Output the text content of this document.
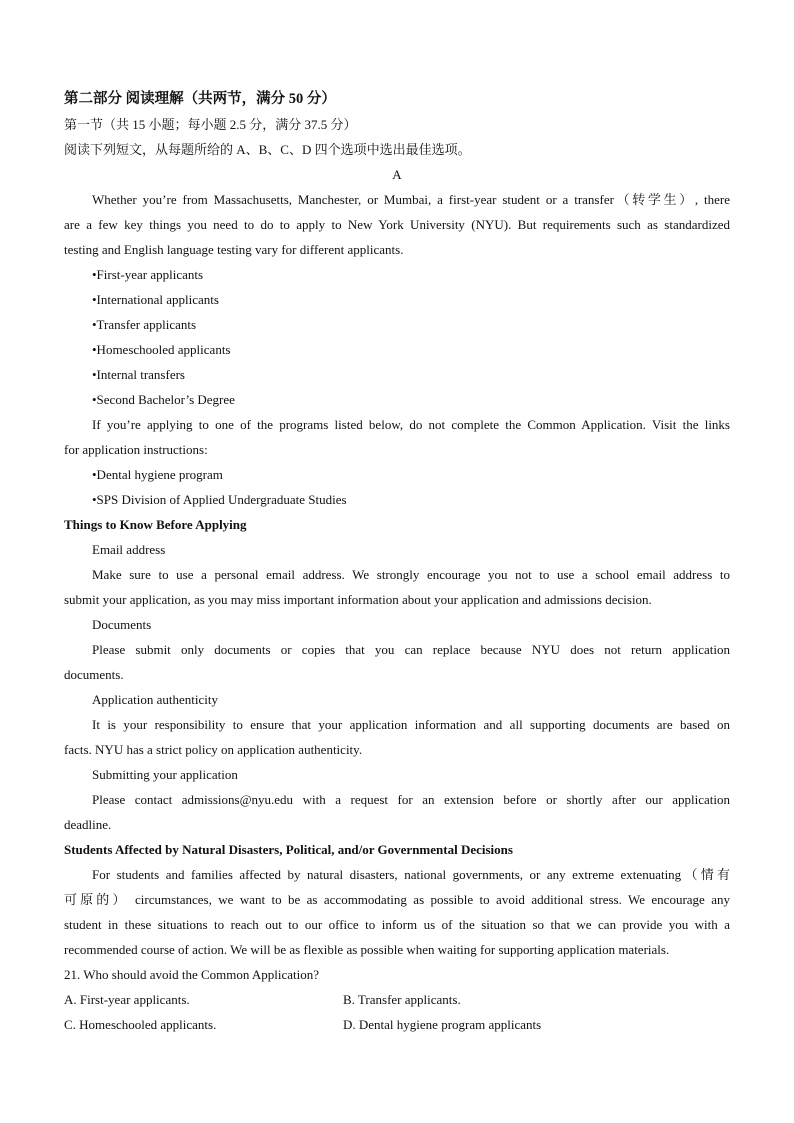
第二部分 阅读理解（共两节，满分 50 分）
第一节（共 15 小题；每小题 2.5 分，满分 37.5 分）
阅读下列短文，从每题所给的 A、B、C、D 四个选项中选出最佳选项。
A
Whether you’re from Massachusetts, Manchester, or Mumbai, a first-year student or a transfer（转学生）, there
are a few key things you need to do to apply to New York University (NYU). But requirements such as standardized
testing and English language testing vary for different applicants.
•First-year applicants
•International applicants
•Transfer applicants
•Homeschooled applicants
•Internal transfers
•Second Bachelor’s Degree
If you’re applying to one of the programs listed below, do not complete the Common Application. Visit the links
for application instructions:
•Dental hygiene program
•SPS Division of Applied Undergraduate Studies
Things to Know Before Applying
Email address
Make sure to use a personal email address. We strongly encourage you not to use a school email address to
submit your application, as you may miss important information about your application and admissions decision.
Documents
Please submit only documents or copies that you can replace because NYU does not return application
documents.
Application authenticity
It is your responsibility to ensure that your application information and all supporting documents are based on
facts. NYU has a strict policy on application authenticity.
Submitting your application
Please contact admissions@nyu.edu with a request for an extension before or shortly after our application
deadline.
Students Affected by Natural Disasters, Political, and/or Governmental Decisions
For students and families affected by natural disasters, national governments, or any extreme extenuating（情有
可原的） circumstances, we want to be as accommodating as possible to avoid additional stress. We encourage any
student in these situations to reach out to our office to inform us of the situation so that we can provide you with a
recommended course of action. We will be as flexible as possible when waiting for supporting application materials.
21. Who should avoid the Common Application?
A. First-year applicants.	B. Transfer applicants.
C. Homeschooled applicants.	D. Dental hygiene program applicants
